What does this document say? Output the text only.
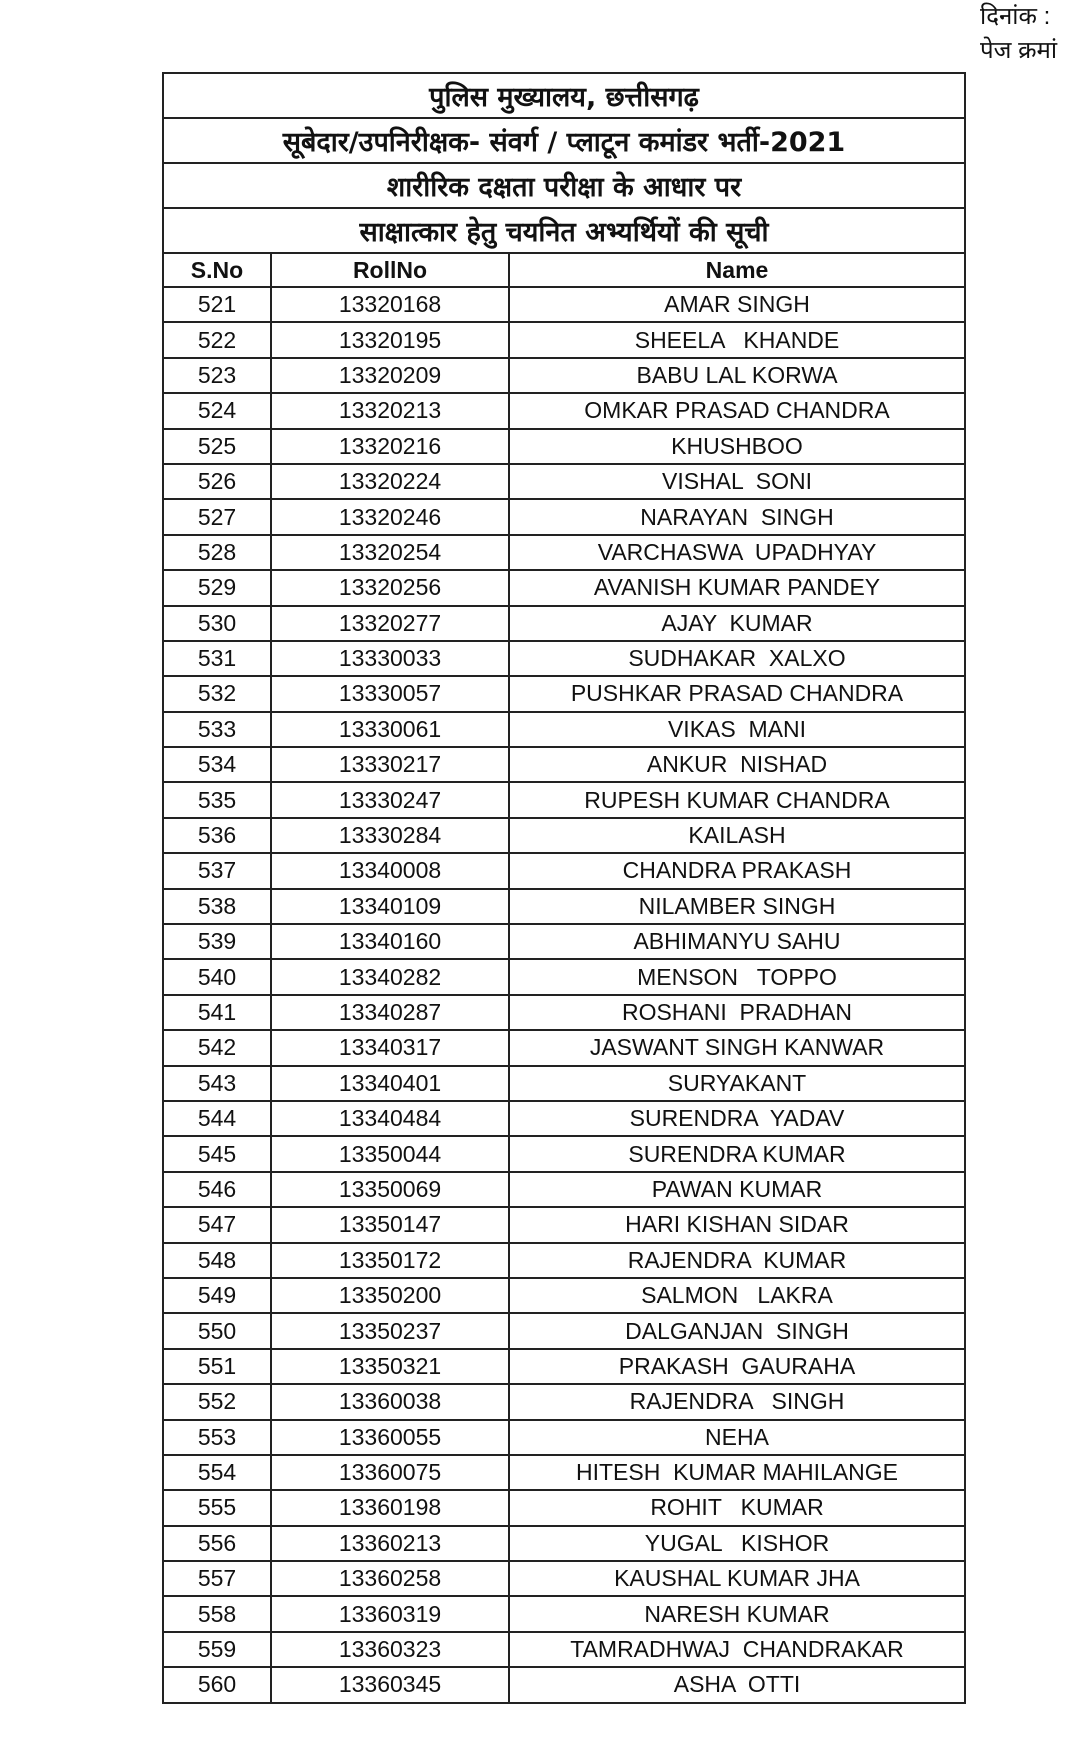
दिनांक :
पेज क्रमां
पुलिस मुख्यालय, छत्तीसगढ़		
सूबेदार/उपनिरीक्षक- संवर्ग / प्लाटून कमांडर भर्ती-2021		
शारीरिक दक्षता परीक्षा के आधार पर		
साक्षात्कार हेतु चयनित अभ्यर्थियों की सूची		
S.No	RollNo	Name
521	13320168	AMAR SINGH
522	13320195	SHEELA   KHANDE
523	13320209	BABU LAL KORWA
524	13320213	OMKAR PRASAD CHANDRA
525	13320216	KHUSHBOO
526	13320224	VISHAL  SONI
527	13320246	NARAYAN  SINGH
528	13320254	VARCHASWA  UPADHYAY
529	13320256	AVANISH KUMAR PANDEY
530	13320277	AJAY  KUMAR
531	13330033	SUDHAKAR  XALXO
532	13330057	PUSHKAR PRASAD CHANDRA
533	13330061	VIKAS  MANI
534	13330217	ANKUR  NISHAD
535	13330247	RUPESH KUMAR CHANDRA
536	13330284	KAILASH
537	13340008	CHANDRA PRAKASH
538	13340109	NILAMBER SINGH
539	13340160	ABHIMANYU SAHU
540	13340282	MENSON   TOPPO
541	13340287	ROSHANI  PRADHAN
542	13340317	JASWANT SINGH KANWAR
543	13340401	SURYAKANT
544	13340484	SURENDRA  YADAV
545	13350044	SURENDRA KUMAR
546	13350069	PAWAN KUMAR
547	13350147	HARI KISHAN SIDAR
548	13350172	RAJENDRA  KUMAR
549	13350200	SALMON   LAKRA
550	13350237	DALGANJAN  SINGH
551	13350321	PRAKASH  GAURAHA
552	13360038	RAJENDRA   SINGH
553	13360055	NEHA
554	13360075	HITESH  KUMAR MAHILANGE
555	13360198	ROHIT   KUMAR
556	13360213	YUGAL   KISHOR
557	13360258	KAUSHAL KUMAR JHA
558	13360319	NARESH KUMAR
559	13360323	TAMRADHWAJ  CHANDRAKAR
560	13360345	ASHA  OTTI
